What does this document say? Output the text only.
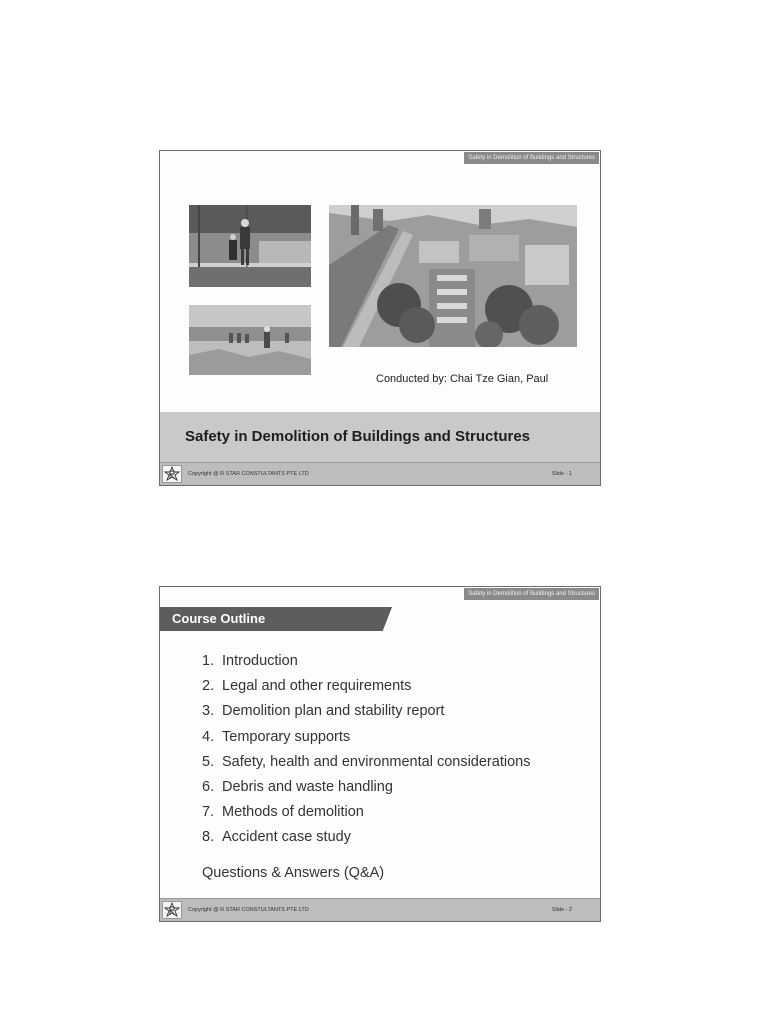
Safety in Demolition of Buildings and Structures
Conducted by: Chai Tze Gian, Paul
Safety in Demolition of Buildings and Structures
Copyright @ R STAR CONSTULTANTS PTE LTD	Slide - 1
Safety in Demolition of Buildings and Structures
Course Outline
1. Introduction
2. Legal and other requirements
3. Demolition plan and stability report
4. Temporary supports
5. Safety, health and environmental considerations
6. Debris and waste handling
7. Methods of demolition
8. Accident case study
Questions & Answers (Q&A)
Copyright @ R STAR CONSTULTANTS PTE LTD	Slide - 2
